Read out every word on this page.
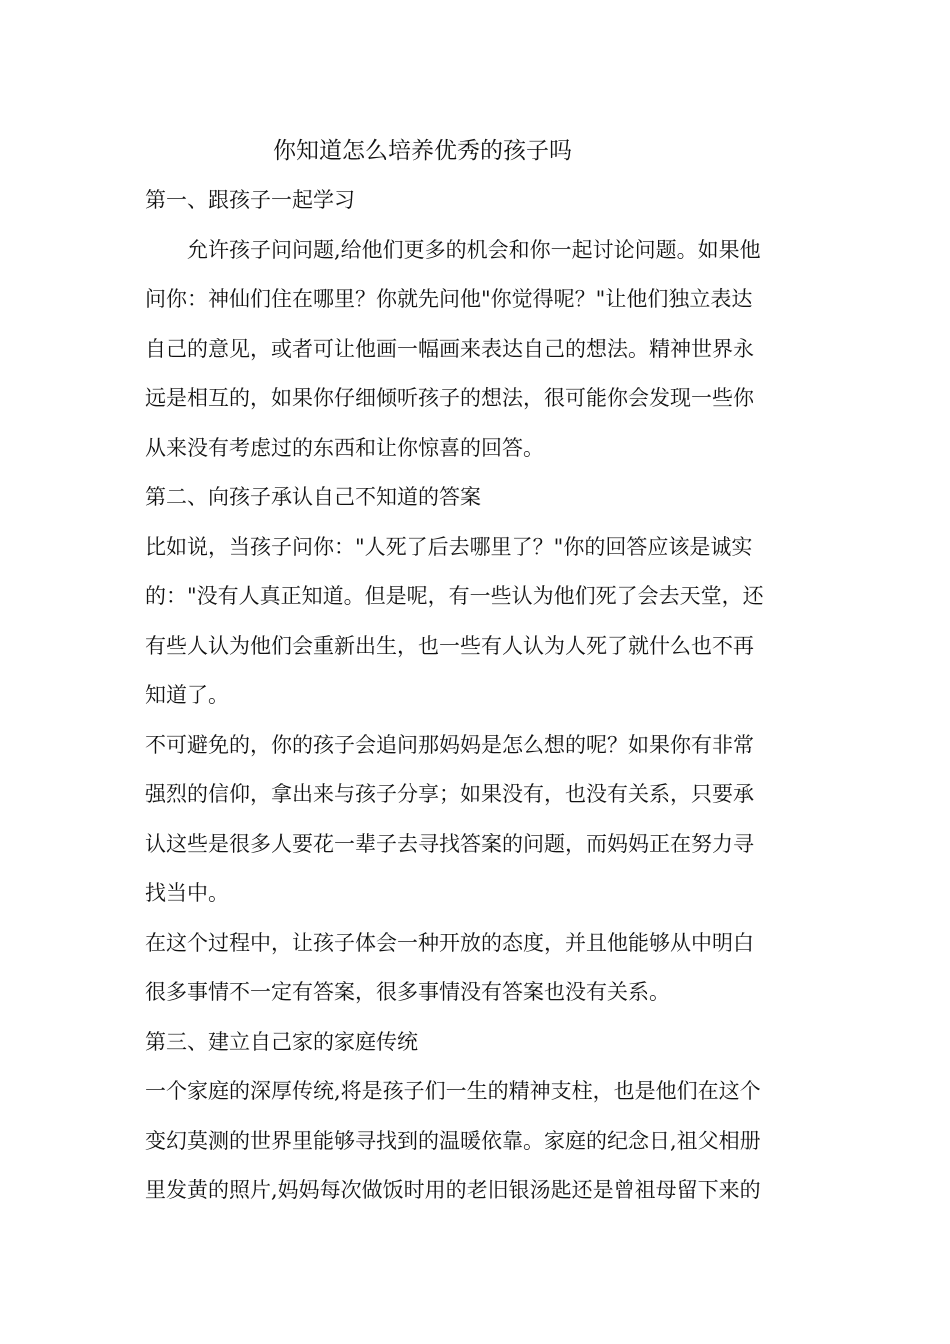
你知道怎么培养优秀的孩子吗

第一、跟孩子一起学习

允许孩子问问题,给他们更多的机会和你一起讨论问题。如果他

问你：神仙们住在哪里？你就先问他"你觉得呢？"让他们独立表达

自己的意见，或者可让他画一幅画来表达自己的想法。精神世界永

远是相互的，如果你仔细倾听孩子的想法，很可能你会发现一些你

从来没有考虑过的东西和让你惊喜的回答。

第二、向孩子承认自己不知道的答案

比如说，当孩子问你："人死了后去哪里了？"你的回答应该是诚实

的："没有人真正知道。但是呢，有一些认为他们死了会去天堂，还

有些人认为他们会重新出生，也一些有人认为人死了就什么也不再

知道了。

不可避免的，你的孩子会追问那妈妈是怎么想的呢？如果你有非常

强烈的信仰，拿出来与孩子分享；如果没有，也没有关系，只要承

认这些是很多人要花一辈子去寻找答案的问题，而妈妈正在努力寻

找当中。

在这个过程中，让孩子体会一种开放的态度，并且他能够从中明白

很多事情不一定有答案，很多事情没有答案也没有关系。

第三、建立自己家的家庭传统

一个家庭的深厚传统,将是孩子们一生的精神支柱，也是他们在这个

变幻莫测的世界里能够寻找到的温暖依靠。家庭的纪念日,祖父相册

里发黄的照片,妈妈每次做饭时用的老旧银汤匙还是曾祖母留下来的
